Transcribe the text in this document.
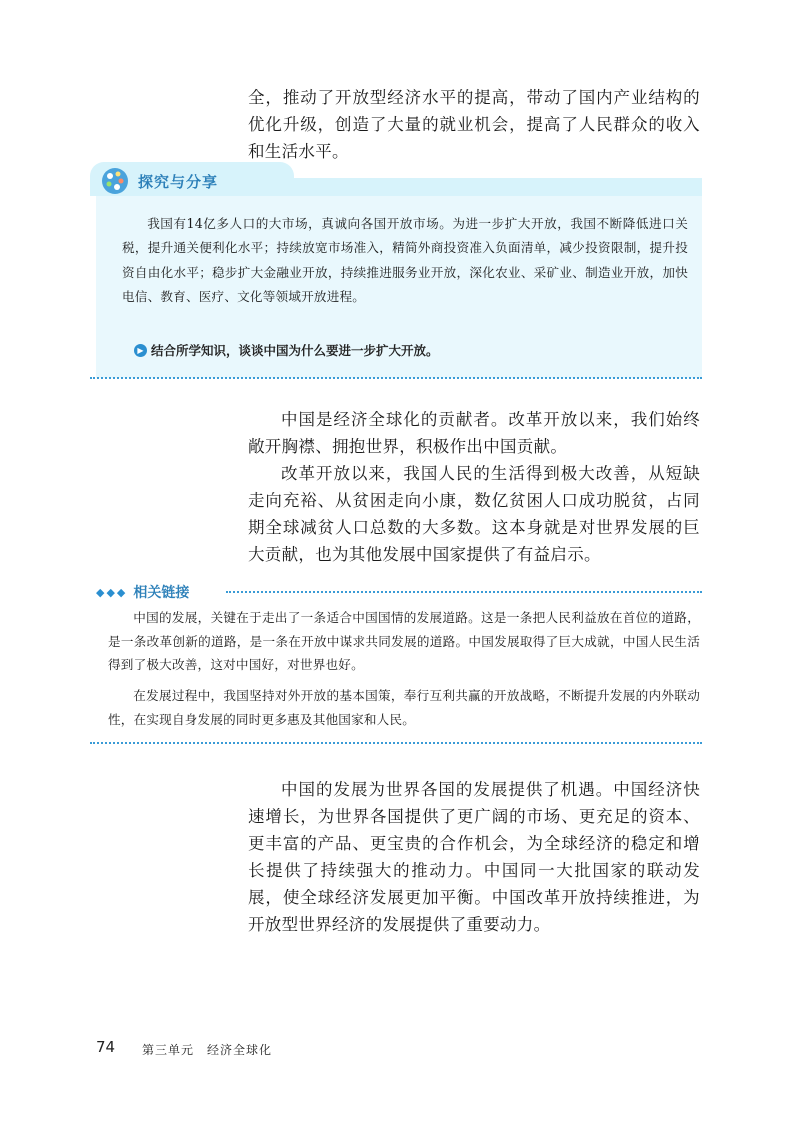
全，推动了开放型经济水平的提高，带动了国内产业结构的优化升级，创造了大量的就业机会，提高了人民群众的收入和生活水平。

探究与分享

我国有14亿多人口的大市场，真诚向各国开放市场。为进一步扩大开放，我国不断降低进口关税，提升通关便利化水平；持续放宽市场准入，精简外商投资准入负面清单，减少投资限制，提升投资自由化水平；稳步扩大金融业开放，持续推进服务业开放，深化农业、采矿业、制造业开放，加快电信、教育、医疗、文化等领域开放进程。

▶ 结合所学知识，谈谈中国为什么要进一步扩大开放。

中国是经济全球化的贡献者。改革开放以来，我们始终敞开胸襟、拥抱世界，积极作出中国贡献。

改革开放以来，我国人民的生活得到极大改善，从短缺走向充裕、从贫困走向小康，数亿贫困人口成功脱贫，占同期全球减贫人口总数的大多数。这本身就是对世界发展的巨大贡献，也为其他发展中国家提供了有益启示。

◆◆◆ 相关链接

中国的发展，关键在于走出了一条适合中国国情的发展道路。这是一条把人民利益放在首位的道路，是一条改革创新的道路，是一条在开放中谋求共同发展的道路。中国发展取得了巨大成就，中国人民生活得到了极大改善，这对中国好，对世界也好。

在发展过程中，我国坚持对外开放的基本国策，奉行互利共赢的开放战略，不断提升发展的内外联动性，在实现自身发展的同时更多惠及其他国家和人民。

中国的发展为世界各国的发展提供了机遇。中国经济快速增长，为世界各国提供了更广阔的市场、更充足的资本、更丰富的产品、更宝贵的合作机会，为全球经济的稳定和增长提供了持续强大的推动力。中国同一大批国家的联动发展，使全球经济发展更加平衡。中国改革开放持续推进，为开放型世界经济的发展提供了重要动力。

74 第三单元　经济全球化
